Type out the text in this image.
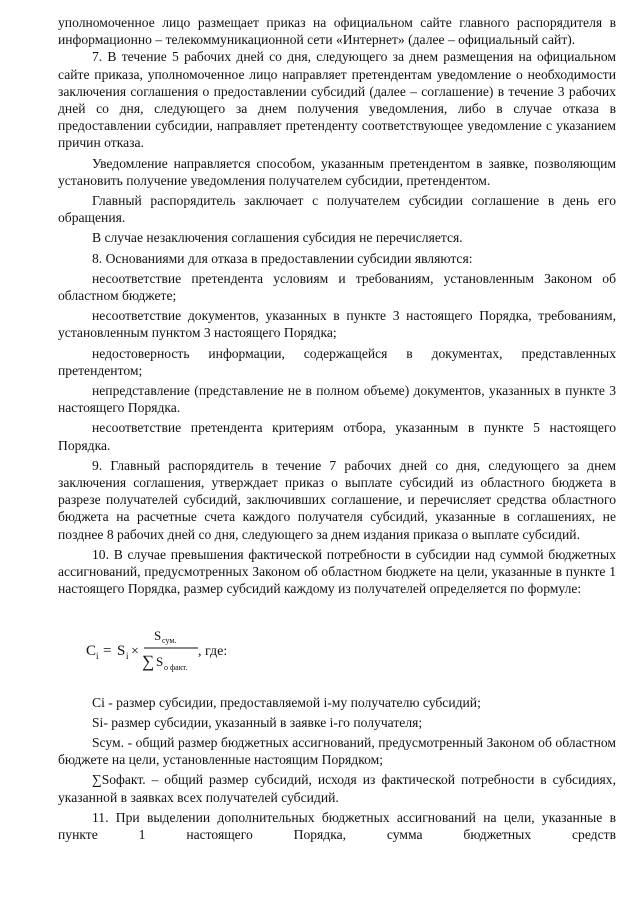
уполномоченное лицо размещает приказ на официальном сайте главного распорядителя в информационно – телекоммуникационной сети «Интернет» (далее – официальный сайт).

7. В течение 5 рабочих дней со дня, следующего за днем размещения на официальном сайте приказа, уполномоченное лицо направляет претендентам уведомление о необходимости заключения соглашения о предоставлении субсидий (далее – соглашение) в течение 3 рабочих дней со дня, следующего за днем получения уведомления, либо в случае отказа в предоставлении субсидии, направляет претенденту соответствующее уведомление с указанием причин отказа.

Уведомление направляется способом, указанным претендентом в заявке, позволяющим установить получение уведомления получателем субсидии, претендентом.

Главный распорядитель заключает с получателем субсидии соглашение в день его обращения.

В случае незаключения соглашения субсидия не перечисляется.

8. Основаниями для отказа в предоставлении субсидии являются:

несоответствие претендента условиям и требованиям, установленным Законом об областном бюджете;

несоответствие документов, указанных в пункте 3 настоящего Порядка, требованиям, установленным пунктом 3 настоящего Порядка;

недостоверность информации, содержащейся в документах, представленных претендентом;

непредставление (представление не в полном объеме) документов, указанных в пункте 3 настоящего Порядка.

несоответствие претендента критериям отбора, указанным в пункте 5 настоящего Порядка.

9. Главный распорядитель в течение 7 рабочих дней со дня, следующего за днем заключения соглашения, утверждает приказ о выплате субсидий из областного бюджета в разрезе получателей субсидий, заключивших соглашение, и перечисляет средства областного бюджета на расчетные счета каждого получателя субсидий, указанные в соглашениях, не позднее 8 рабочих дней со дня, следующего за днем издания приказа о выплате субсидий.

10. В случае превышения фактической потребности в субсидии над суммой бюджетных ассигнований, предусмотренных Законом об областном бюджете на цели, указанные в пункте 1 настоящего Порядка, размер субсидий каждому из получателей определяется по формуле:

C i = S i ×
S сум.
∑ S о факт.
, где:

Ci - размер субсидии, предоставляемой i-му получателю субсидий;

Si- размер субсидии, указанный в заявке i-го получателя;

Sсум. - общий размер бюджетных ассигнований, предусмотренный Законом об областном бюджете на цели, установленные настоящим Порядком;

∑Sофакт. – общий размер субсидий, исходя из фактической потребности в субсидиях, указанной в заявках всех получателей субсидий.

11. При выделении дополнительных бюджетных ассигнований на цели, указанные в пункте 1 настоящего Порядка, сумма бюджетных средств
